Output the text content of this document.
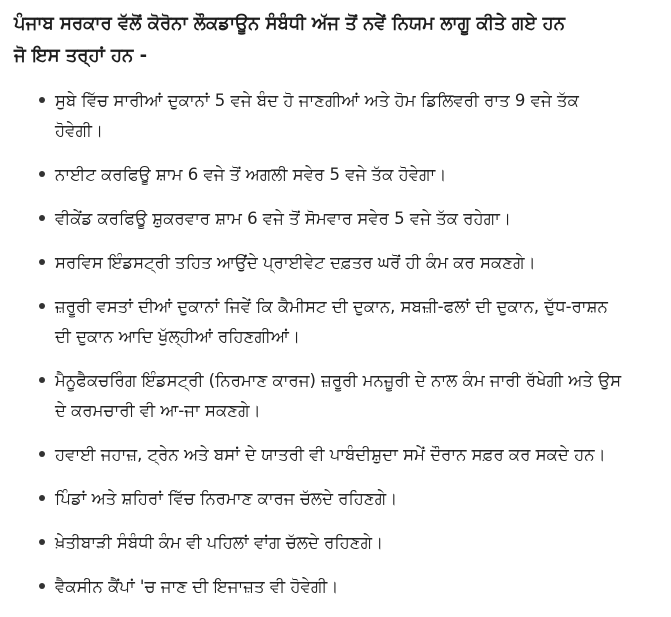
ਪੰਜਾਬ ਸਰਕਾਰ ਵੱਲੋਂ ਕੋਰੋਨਾ ਲੌਕਡਾਊਨ ਸੰਬੰਧੀ ਅੱਜ ਤੋਂ ਨਵੇਂ ਨਿਯਮ ਲਾਗੂ ਕੀਤੇ ਗਏ ਹਨ
ਜੋ ਇਸ ਤਰ੍ਹਾਂ ਹਨ -
ਸੁਬੇ ਵਿੱਚ ਸਾਰੀਆਂ ਦੁਕਾਨਾਂ 5 ਵਜੇ ਬੰਦ ਹੋ ਜਾਣਗੀਆਂ ਅਤੇ ਹੋਮ ਡਿਲਿਵਰੀ ਰਾਤ 9 ਵਜੇ ਤੱਕ
ਹੋਵੇਗੀ।
ਨਾਈਟ ਕਰਫਿਊ ਸ਼ਾਮ 6 ਵਜੇ ਤੋਂ ਅਗਲੀ ਸਵੇਰ 5 ਵਜੇ ਤੱਕ ਹੋਵੇਗਾ।
ਵੀਕੇਂਡ ਕਰਫਿਊ ਸ਼ੁਕਰਵਾਰ ਸ਼ਾਮ 6 ਵਜੇ ਤੋਂ ਸੋਮਵਾਰ ਸਵੇਰ 5 ਵਜੇ ਤੱਕ ਰਹੇਗਾ।
ਸਰਵਿਸ ਇੰਡਸਟ੍ਰੀ ਤਹਿਤ ਆਉਂਦੇ ਪ੍ਰਾਈਵੇਟ ਦਫ਼ਤਰ ਘਰੋਂ ਹੀ ਕੰਮ ਕਰ ਸਕਣਗੇ।
ਜ਼ਰੂਰੀ ਵਸਤਾਂ ਦੀਆਂ ਦੁਕਾਨਾਂ ਜਿਵੇਂ ਕਿ ਕੈਮੀਸਟ ਦੀ ਦੁਕਾਨ, ਸਬਜ਼ੀ-ਫਲਾਂ ਦੀ ਦੁਕਾਨ, ਦੁੱਧ-ਰਾਸ਼ਨ
ਦੀ ਦੁਕਾਨ ਆਦਿ ਖੁੱਲ੍ਹੀਆਂ ਰਹਿਣਗੀਆਂ।
ਮੈਨੂਫੈਕਚਰਿੰਗ ਇੰਡਸਟ੍ਰੀ (ਨਿਰਮਾਣ ਕਾਰਜ) ਜ਼ਰੂਰੀ ਮਨਜ਼ੂਰੀ ਦੇ ਨਾਲ ਕੰਮ ਜਾਰੀ ਰੱਖੇਗੀ ਅਤੇ ਉਸ
ਦੇ ਕਰਮਚਾਰੀ ਵੀ ਆ-ਜਾ ਸਕਣਗੇ।
ਹਵਾਈ ਜਹਾਜ਼, ਟ੍ਰੇਨ ਅਤੇ ਬਸਾਂ ਦੇ ਯਾਤਰੀ ਵੀ ਪਾਬੰਦੀਸ਼ੁਦਾ ਸਮੇਂ ਦੌਰਾਨ ਸਫ਼ਰ ਕਰ ਸਕਦੇ ਹਨ।
ਪਿੰਡਾਂ ਅਤੇ ਸ਼ਹਿਰਾਂ ਵਿੱਚ ਨਿਰਮਾਣ ਕਾਰਜ ਚੱਲਦੇ ਰਹਿਣਗੇ।
ਖ਼ੇਤੀਬਾੜੀ ਸੰਬੰਧੀ ਕੰਮ ਵੀ ਪਹਿਲਾਂ ਵਾਂਗ ਚੱਲਦੇ ਰਹਿਣਗੇ।
ਵੈਕਸੀਨ ਕੈਂਪਾਂ 'ਚ ਜਾਣ ਦੀ ਇਜਾਜ਼ਤ ਵੀ ਹੋਵੇਗੀ।
